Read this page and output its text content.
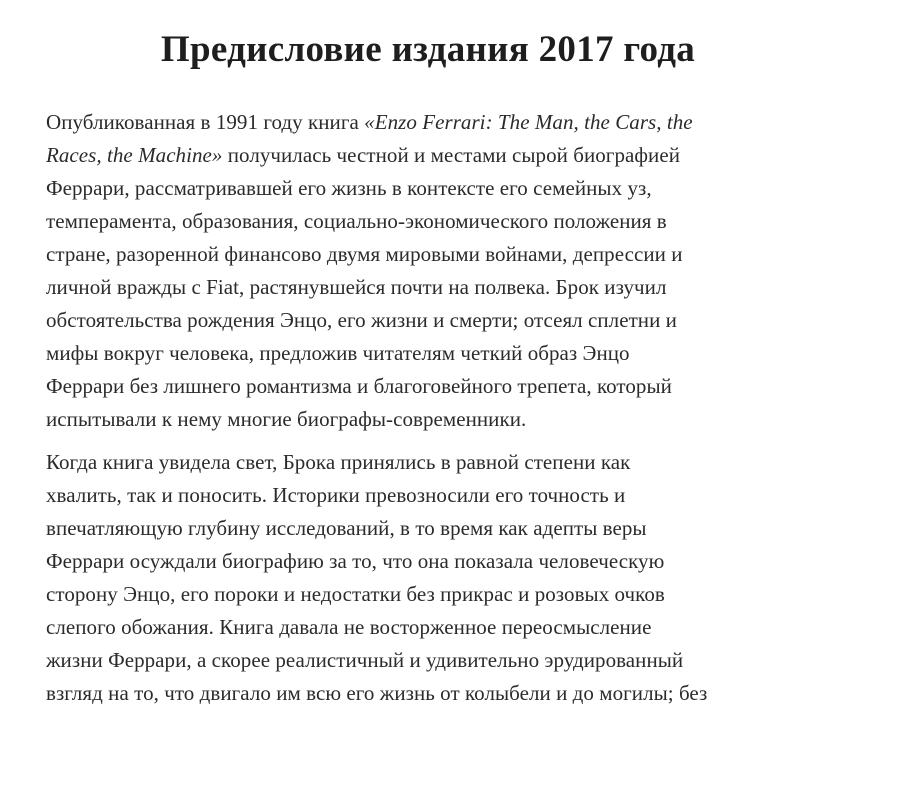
Предисловие издания 2017 года
Опубликованная в 1991 году книга «Enzo Ferrari: The Man, the Cars, the
Races, the Machine» получилась честной и местами сырой биографией
Феррари, рассматривавшей его жизнь в контексте его семейных уз,
темперамента, образования, социально-экономического положения в
стране, разоренной финансово двумя мировыми войнами, депрессии и
личной вражды с Fiat, растянувшейся почти на полвека. Брок изучил
обстоятельства рождения Энцо, его жизни и смерти; отсеял сплетни и
мифы вокруг человека, предложив читателям четкий образ Энцо
Феррари без лишнего романтизма и благоговейного трепета, который
испытывали к нему многие биографы-современники.
Когда книга увидела свет, Брока принялись в равной степени как
хвалить, так и поносить. Историки превозносили его точность и
впечатляющую глубину исследований, в то время как адепты веры
Феррари осуждали биографию за то, что она показала человеческую
сторону Энцо, его пороки и недостатки без прикрас и розовых очков
слепого обожания. Книга давала не восторженное переосмысление
жизни Феррари, а скорее реалистичный и удивительно эрудированный
взгляд на то, что двигало им всю его жизнь от колыбели и до могилы; без
